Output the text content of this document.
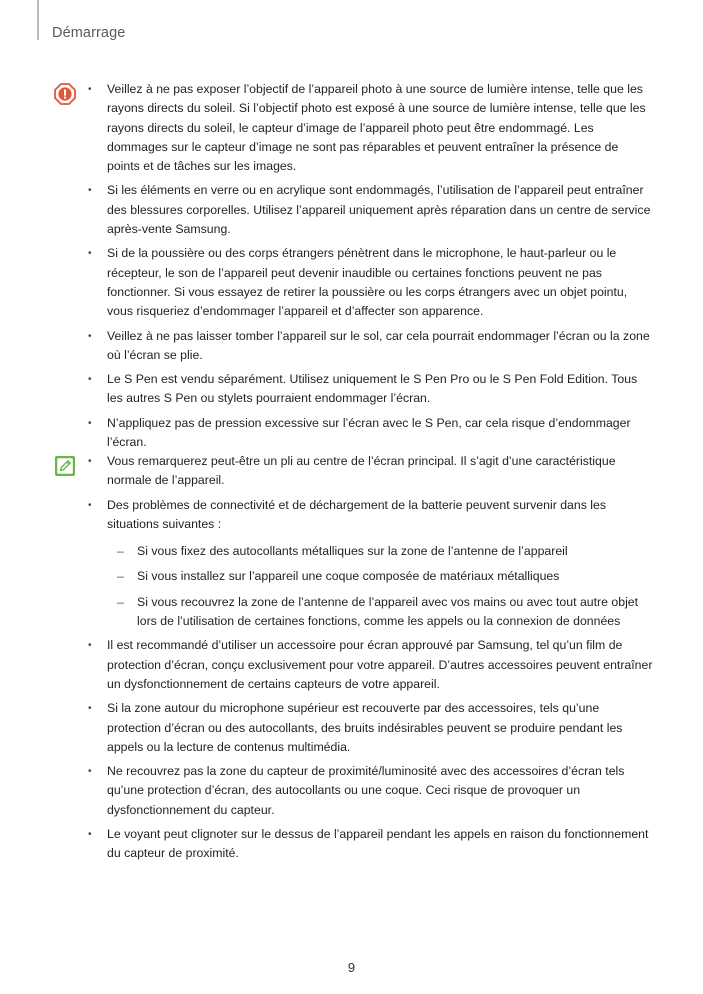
Démarrage
• Veillez à ne pas exposer l’objectif de l’appareil photo à une source de lumière intense, telle que les rayons directs du soleil. Si l’objectif photo est exposé à une source de lumière intense, telle que les rayons directs du soleil, le capteur d’image de l’appareil photo peut être endommagé. Les dommages sur le capteur d’image ne sont pas réparables et peuvent entraîner la présence de points et de tâches sur les images.
• Si les éléments en verre ou en acrylique sont endommagés, l’utilisation de l’appareil peut entraîner des blessures corporelles. Utilisez l’appareil uniquement après réparation dans un centre de service après-vente Samsung.
• Si de la poussière ou des corps étrangers pénètrent dans le microphone, le haut-parleur ou le récepteur, le son de l’appareil peut devenir inaudible ou certaines fonctions peuvent ne pas fonctionner. Si vous essayez de retirer la poussière ou les corps étrangers avec un objet pointu, vous risqueriez d’endommager l’appareil et d’affecter son apparence.
• Veillez à ne pas laisser tomber l’appareil sur le sol, car cela pourrait endommager l’écran ou la zone où l’écran se plie.
• Le S Pen est vendu séparément. Utilisez uniquement le S Pen Pro ou le S Pen Fold Edition. Tous les autres S Pen ou stylets pourraient endommager l’écran.
• N’appliquez pas de pression excessive sur l’écran avec le S Pen, car cela risque d’endommager l’écran.
• Vous remarquerez peut-être un pli au centre de l’écran principal. Il s’agit d’une caractéristique normale de l’appareil.
• Des problèmes de connectivité et de déchargement de la batterie peuvent survenir dans les situations suivantes :
– Si vous fixez des autocollants métalliques sur la zone de l’antenne de l’appareil
– Si vous installez sur l’appareil une coque composée de matériaux métalliques
– Si vous recouvrez la zone de l’antenne de l’appareil avec vos mains ou avec tout autre objet lors de l’utilisation de certaines fonctions, comme les appels ou la connexion de données
• Il est recommandé d’utiliser un accessoire pour écran approuvé par Samsung, tel qu’un film de protection d’écran, conçu exclusivement pour votre appareil. D’autres accessoires peuvent entraîner un dysfonctionnement de certains capteurs de votre appareil.
• Si la zone autour du microphone supérieur est recouverte par des accessoires, tels qu’une protection d’écran ou des autocollants, des bruits indésirables peuvent se produire pendant les appels ou la lecture de contenus multimédia.
• Ne recouvrez pas la zone du capteur de proximité/luminosité avec des accessoires d’écran tels qu’une protection d’écran, des autocollants ou une coque. Ceci risque de provoquer un dysfonctionnement du capteur.
• Le voyant peut clignoter sur le dessus de l’appareil pendant les appels en raison du fonctionnement du capteur de proximité.
9
